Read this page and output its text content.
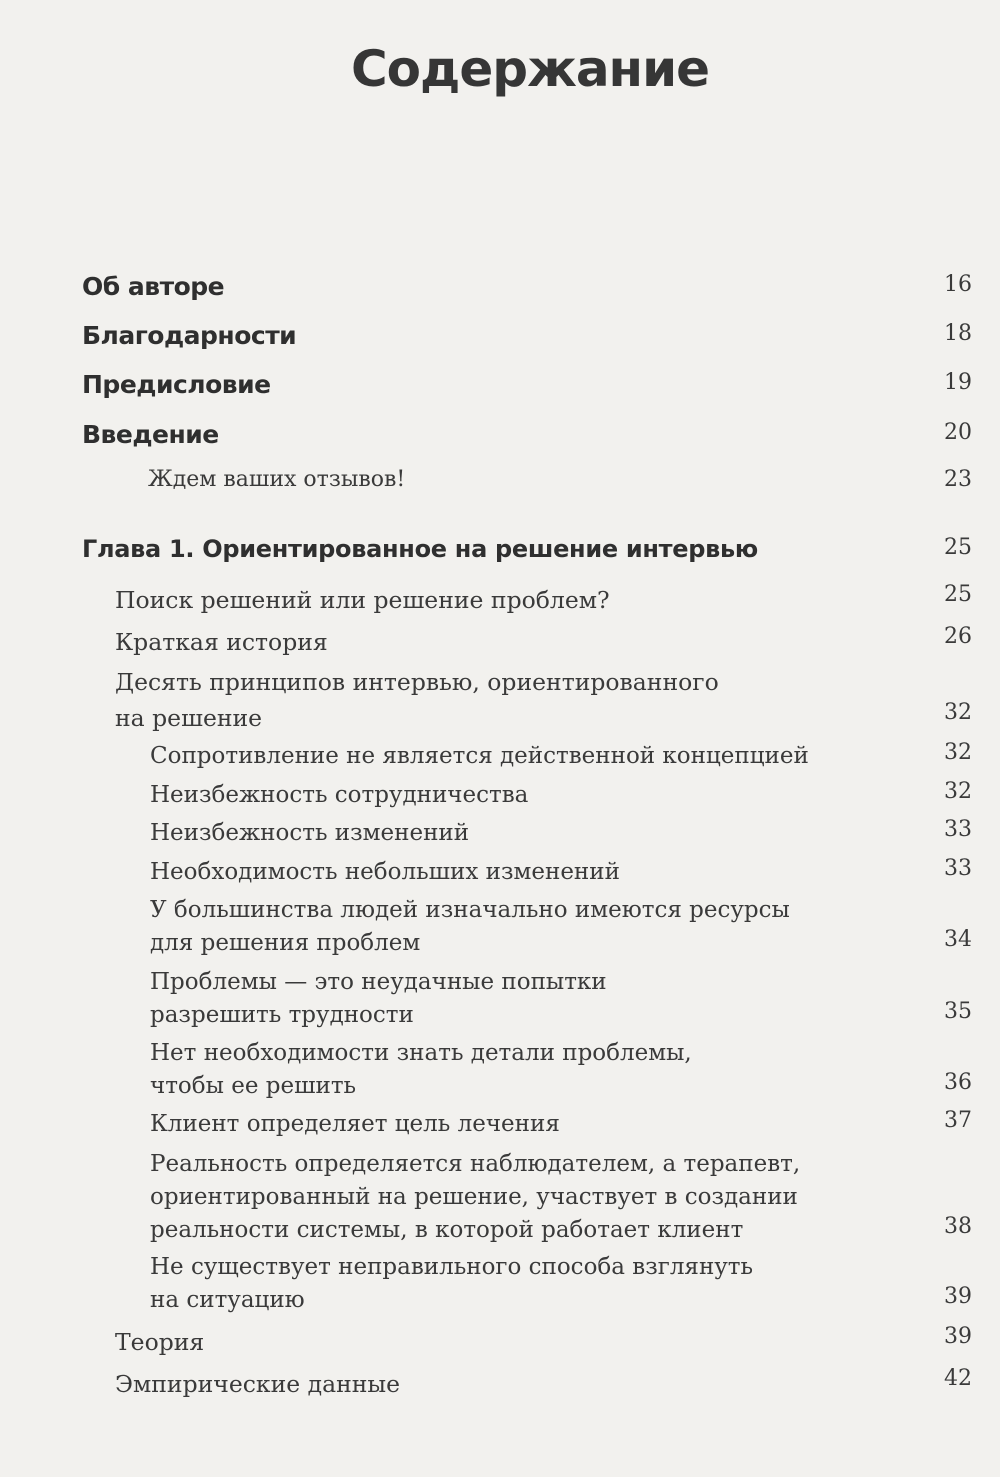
Содержание
Об авторе	16
Благодарности	18
Предисловие	19
Введение	20
Ждем ваших отзывов!	23
Глава 1. Ориентированное на решение интервью	25
Поиск решений или решение проблем?	25
Краткая история	26
Десять принципов интервью, ориентированного
на решение	32
Сопротивление не является действенной концепцией	32
Неизбежность сотрудничества	32
Неизбежность изменений	33
Необходимость небольших изменений	33
У большинства людей изначально имеются ресурсы
для решения проблем	34
Проблемы — это неудачные попытки
разрешить трудности	35
Нет необходимости знать детали проблемы,
чтобы ее решить	36
Клиент определяет цель лечения	37
Реальность определяется наблюдателем, а терапевт,
ориентированный на решение, участвует в создании
реальности системы, в которой работает клиент	38
Не существует неправильного способа взглянуть
на ситуацию	39
Теория	39
Эмпирические данные	42
